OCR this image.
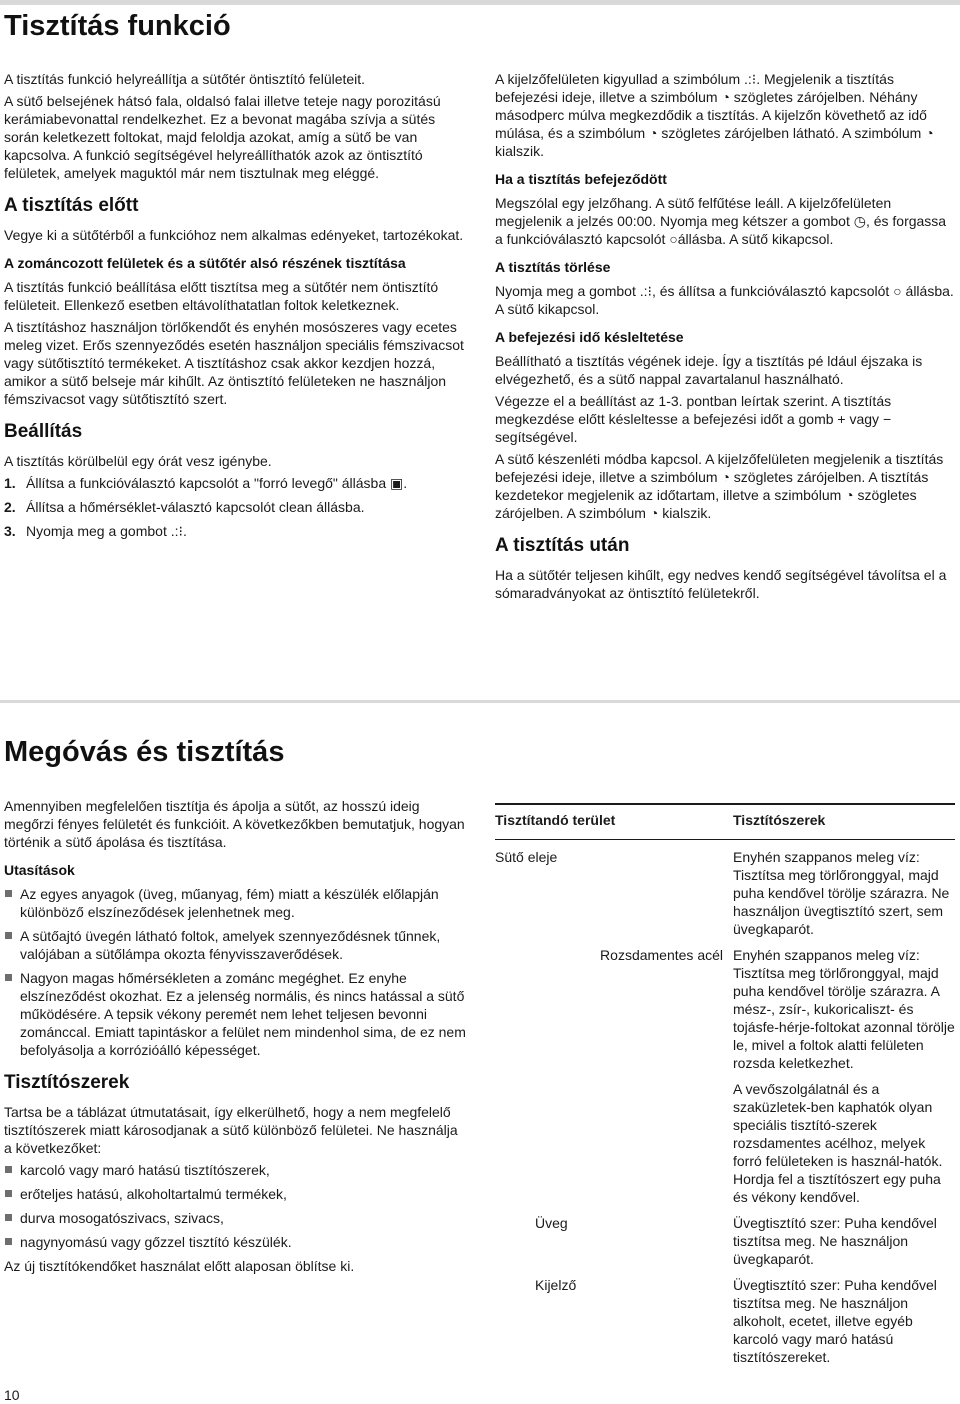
Tisztítás funkció

A tisztítás funkció helyreállítja a sütőtér öntisztító felületeit.

A sütő belsejének hátsó fala, oldalsó falai illetve teteje nagy porozitású kerámiabevonattal rendelkezhet. Ez a bevonat magába szívja a sütés során keletkezett foltokat, majd feloldja azokat, amíg a sütő be van kapcsolva. A funkció segítségével helyreállíthatók azok az öntisztító felületek, amelyek maguktól már nem tisztulnak meg eléggé.

A tisztítás előtt

Vegye ki a sütőtérből a funkcióhoz nem alkalmas edényeket, tartozékokat.

A zománcozott felületek és a sütőtér alsó részének tisztítása

A tisztítás funkció beállítása előtt tisztítsa meg a sütőtér nem öntisztító felületeit. Ellenkező esetben eltávolíthatatlan foltok keletkeznek.

A tisztításhoz használjon törlőkendőt és enyhén mosószeres vagy ecetes meleg vizet. Erős szennyeződés esetén használjon speciális fémszivacsot vagy sütőtisztító termékeket. A tisztításhoz csak akkor kezdjen hozzá, amikor a sütő belseje már kihűlt. Az öntisztító felületeken ne használjon fémszivacsot vagy sütőtisztító szert.

Beállítás

A tisztítás körülbelül egy órát vesz igénybe.

1. Állítsa a funkcióválasztó kapcsolót a "forró levegő" állásba ▣.
2. Állítsa a hőmérséklet-választó kapcsolót clean állásba.
3. Nyomja meg a gombot .:⁝.

A kijelzőfelületen kigyullad a szimbólum .:⁝. Megjelenik a tisztítás befejezési ideje, illetve a szimbólum ◔ szögletes zárójelben. Néhány másodperc múlva megkezdődik a tisztítás. A kijelzőn követhető az idő múlása, és a szimbólum ◔ szögletes zárójelben látható. A szimbólum ◔ kialszik.

Ha a tisztítás befejeződött

Megszólal egy jelzőhang. A sütő felfűtése leáll. A kijelzőfelületen megjelenik a jelzés 00:00. Nyomja meg kétszer a gombot ◷, és forgassa a funkcióválasztó kapcsolót ○állásba. A sütő kikapcsol.

A tisztítás törlése

Nyomja meg a gombot .:⁝, és állítsa a funkcióválasztó kapcsolót ○ állásba. A sütő kikapcsol.

A befejezési idő késleltetése

Beállítható a tisztítás végének ideje. Így a tisztítás pé ldául éjszaka is elvégezhető, és a sütő nappal zavartalanul használható.

Végezze el a beállítást az 1-3. pontban leírtak szerint. A tisztítás megkezdése előtt késleltesse a befejezési időt a gomb + vagy − segítségével.

A sütő készenléti módba kapcsol. A kijelzőfelületen megjelenik a tisztítás befejezési ideje, illetve a szimbólum ◔ szögletes zárójelben. A tisztítás kezdetekor megjelenik az időtartam, illetve a szimbólum ◔ szögletes zárójelben. A szimbólum ◔ kialszik.

A tisztítás után

Ha a sütőtér teljesen kihűlt, egy nedves kendő segítségével távolítsa el a sómaradványokat az öntisztító felületekről.

Megóvás és tisztítás

Amennyiben megfelelően tisztítja és ápolja a sütőt, az hosszú ideig megőrzi fényes felületét és funkcióit. A következőkben bemutatjuk, hogyan történik a sütő ápolása és tisztítása.

Utasítások
Az egyes anyagok (üveg, műanyag, fém) miatt a készülék előlapján különböző elszíneződések jelenhetnek meg.
A sütőajtó üvegén látható foltok, amelyek szennyeződésnek tűnnek, valójában a sütőlámpa okozta fényvisszaverődések.
Nagyon magas hőmérsékleten a zománc megéghet. Ez enyhe elszíneződést okozhat. Ez a jelenség normális, és nincs hatással a sütő működésére. A tepsik vékony peremét nem lehet teljesen bevonni zománccal. Emiatt tapintáskor a felület nem mindenhol sima, de ez nem befolyásolja a korrózióálló képességet.
Tisztítószerek

Tartsa be a táblázat útmutatásait, így elkerülhető, hogy a nem megfelelő tisztítószerek miatt károsodjanak a sütő különböző felületei. Ne használja a következőket:

karcoló vagy maró hatású tisztítószerek,
erőteljes hatású, alkoholtartalmú termékek,
durva mosogatószivacs, szivacs,
nagynyomású vagy gőzzel tisztító készülék.

Az új tisztítókendőket használat előtt alaposan öblítse ki.

Tisztítandó terület	Tisztítószerek
Sütő eleje	Enyhén szappanos meleg víz: Tisztítsa meg törlőronggyal, majd puha kendővel törölje szárazra. Ne használjon üvegtisztító szert, sem üvegkaparót.
Rozsdamentes acél	Enyhén szappanos meleg víz: Tisztítsa meg törlőronggyal, majd puha kendővel törölje szárazra. A mész-, zsír-, kukoricaliszt- és tojásfe-hérje-foltokat azonnal törölje le, mivel a foltok alatti felületen rozsda keletkezhet.
	A vevőszolgálatnál és a szaküzletek-ben kaphatók olyan speciális tisztító-szerek rozsdamentes acélhoz, melyek forró felületeken is használ-hatók. Hordja fel a tisztítószert egy puha és vékony kendővel.
Üveg	Üvegtisztító szer: Puha kendővel tisztítsa meg. Ne használjon üvegkaparót.
Kijelző	Üvegtisztító szer: Puha kendővel tisztítsa meg. Ne használjon alkoholt, ecetet, illetve egyéb karcoló vagy maró hatású tisztítószereket.
10
